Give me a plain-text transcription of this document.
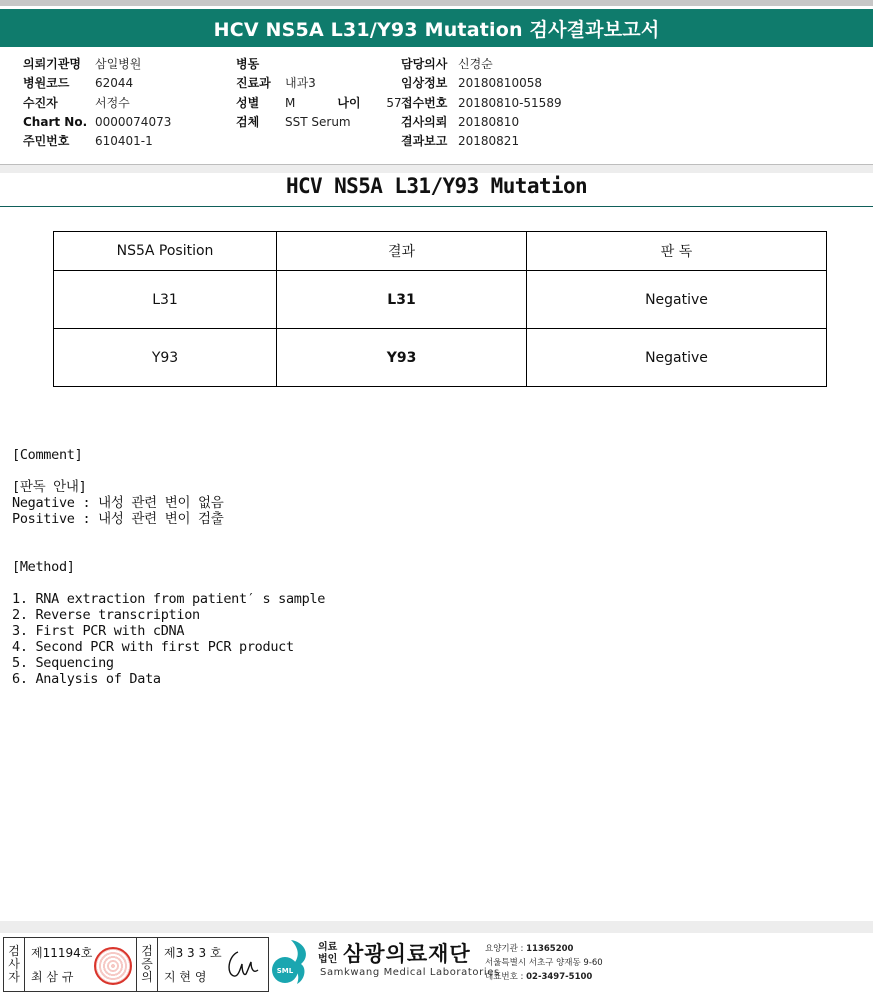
HCV NS5A L31/Y93 Mutation 검사결과보고서
의뢰기관명	삼일병원
병원코드	62044
수진자	서정수
Chart No. 0000074073
주민번호	610401-1
병동
진료과	내과3
성별	M	나이	57
검체	SST Serum
담당의사 신경순
임상정보 20180810058
접수번호 20180810-51589
검사의뢰 20180810
결과보고 20180821
HCV NS5A L31/Y93 Mutation
NS5A Position	결과	판 독
L31	L31	Negative
Y93	Y93	Negative
[Comment]
[판독 안내]
Negative : 내성 관련 변이 없음
Positive : 내성 관련 변이 검출
[Method]
1. RNA extraction from patient′ s sample
2. Reverse transcription
3. First PCR with cDNA
4. Second PCR with first PCR product
5. Sequencing
6. Analysis of Data
검
사
자
제11194호
최 삼 규
검
증
의
제3 3 3 호
지 현 영	SML
의료
법인 삼광의료재단
Samkwang Medical Laboratories
요양기관 : 11365200
서울특별시 서초구 양재동 9-60
대표번호 : 02-3497-5100
